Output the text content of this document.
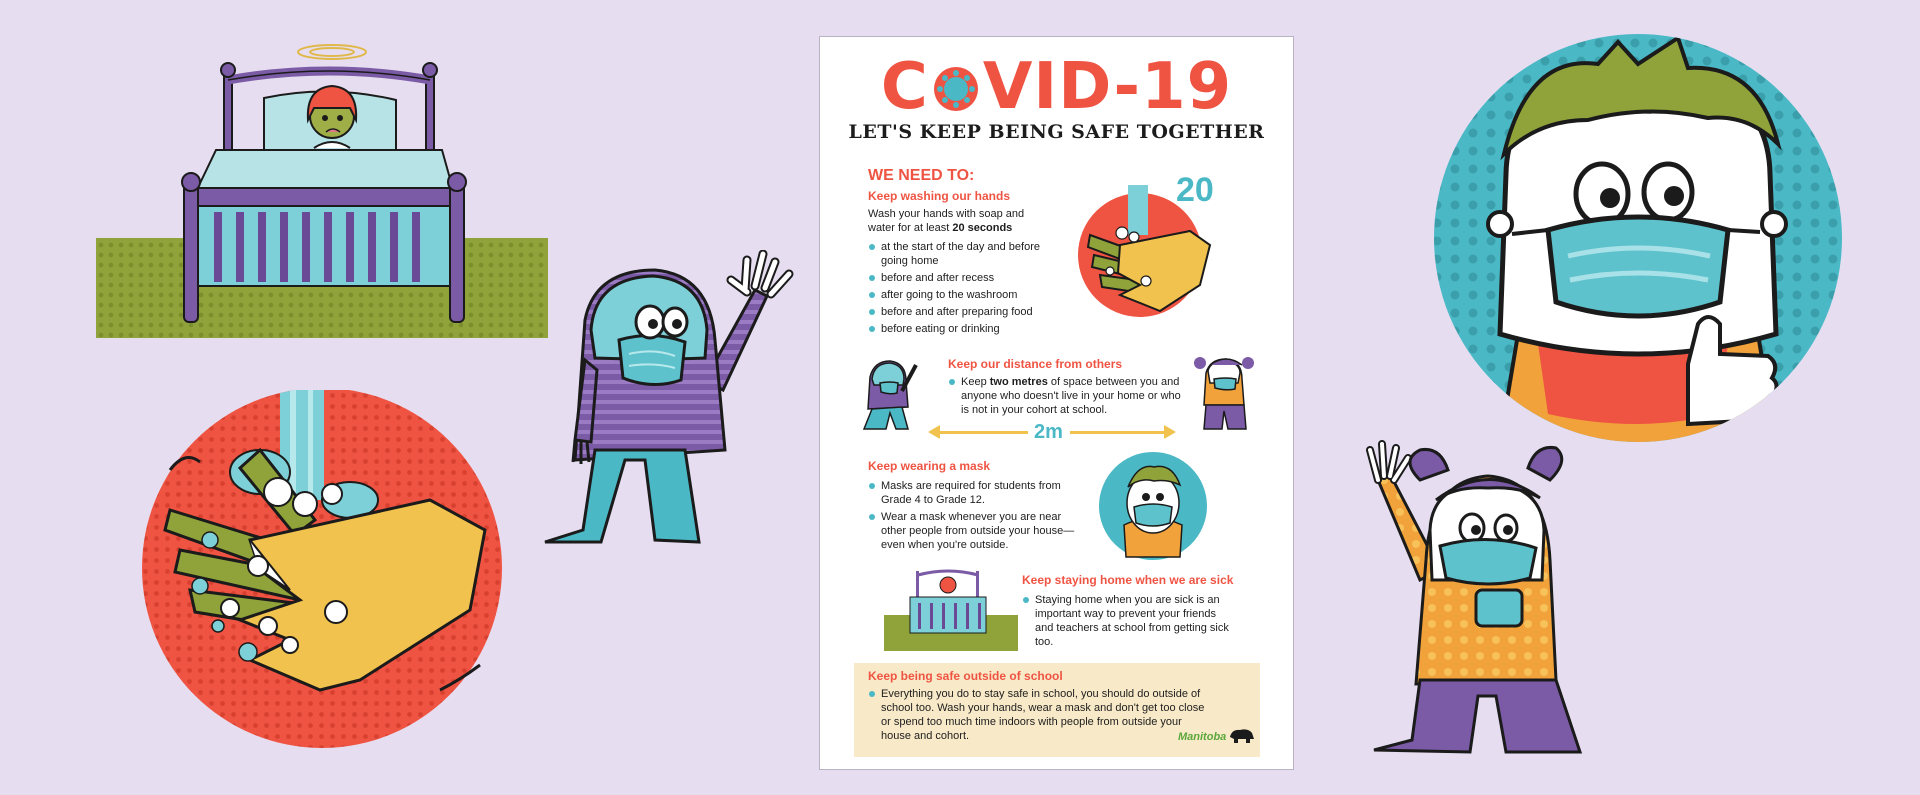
C VID-19
LET'S KEEP BEING SAFE TOGETHER
WE NEED TO:
Keep washing our hands
Wash your hands with soap and
water for at least 20 seconds
at the start of the day and before going home
before and after recess
after going to the washroom
before and after preparing food
before eating or drinking
20
Keep our distance from others
Keep two metres of space between you and anyone who doesn't live in your home or who is not in your cohort at school.
2m
Keep wearing a mask
Masks are required for students from Grade 4 to Grade 12.
Wear a mask whenever you are near other people from outside your house—even when you're outside.
Keep staying home when we are sick
Staying home when you are sick is an important way to prevent your friends and teachers at school from getting sick too.
Keep being safe outside of school
Everything you do to stay safe in school, you should do outside of school too. Wash your hands, wear a mask and don't get too close or spend too much time indoors with people from outside your house and cohort.	Manitoba
